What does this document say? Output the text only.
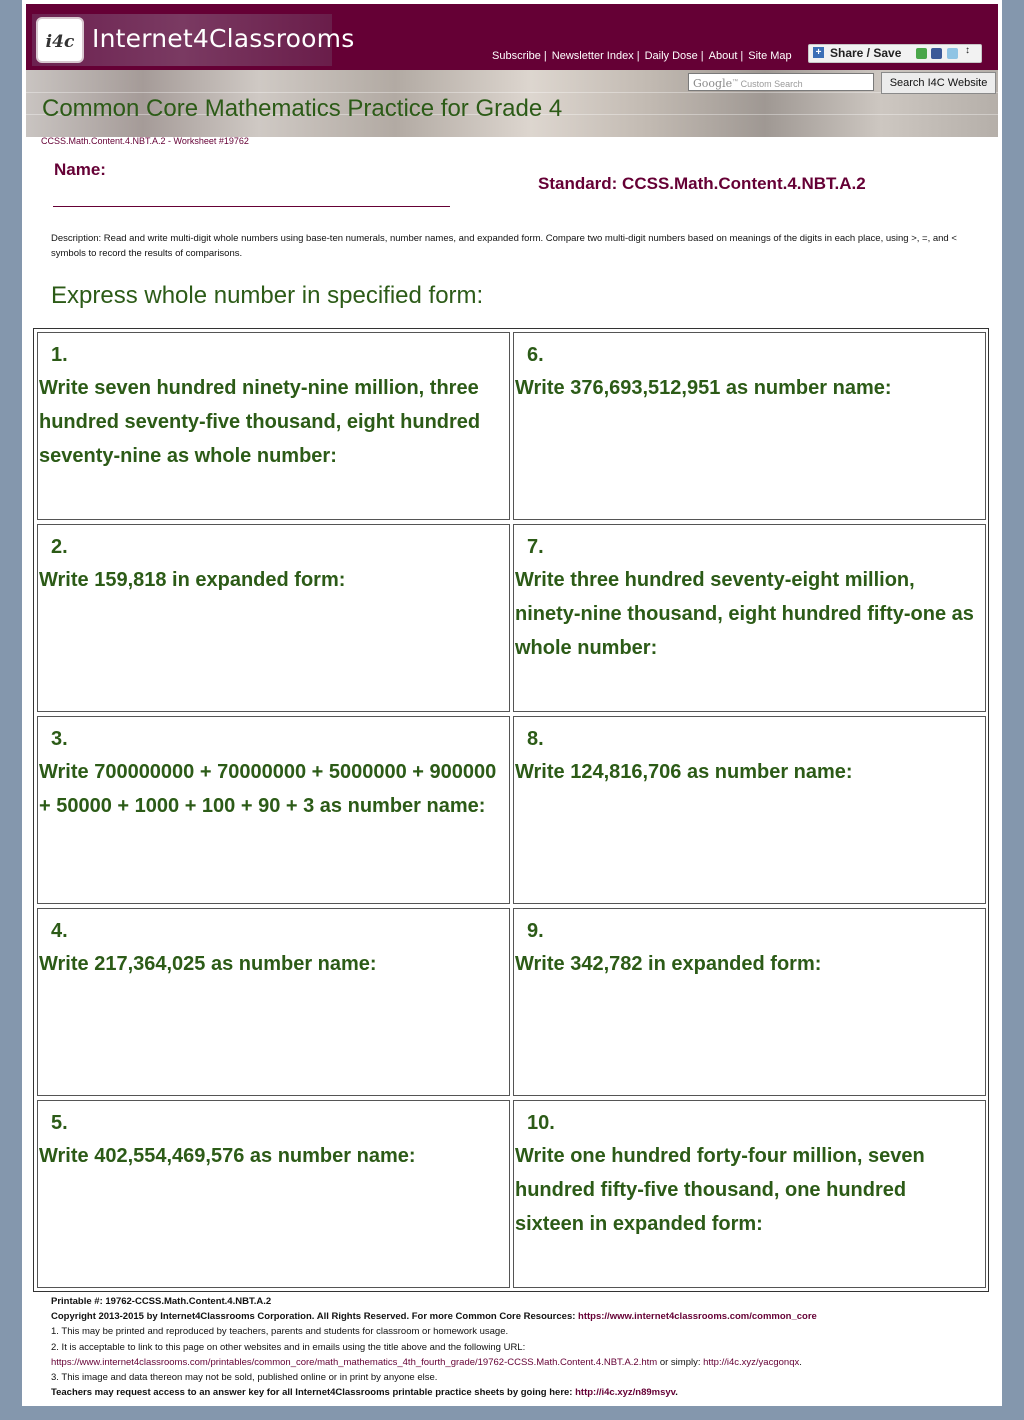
i4c Internet4Classrooms
Subscribe | Newsletter Index | Daily Dose | About | Site Map + Share / Save	↕
Google™ Custom Search	Search I4C Website
Common Core Mathematics Practice for Grade 4
CCSS.Math.Content.4.NBT.A.2 - Worksheet #19762
Name:
Standard: CCSS.Math.Content.4.NBT.A.2
Description: Read and write multi-digit whole numbers using base-ten numerals, number names, and expanded form. Compare two multi-digit numbers based on meanings of the digits in each place, using >, =, and < symbols to record the results of comparisons.
Express whole number in specified form:
1.
Write seven hundred ninety-nine million, three hundred seventy-five thousand, eight hundred seventy-nine as whole number:
6.
Write 376,693,512,951 as number name:
2.
Write 159,818 in expanded form:
7.
Write three hundred seventy-eight million, ninety-nine thousand, eight hundred fifty-one as whole number:
3.
Write 700000000 + 70000000 + 5000000 + 900000 + 50000 + 1000 + 100 + 90 + 3 as number name:
8.
Write 124,816,706 as number name:
4.
Write 217,364,025 as number name:
9.
Write 342,782 in expanded form:
5.
Write 402,554,469,576 as number name:
10.
Write one hundred forty-four million, seven hundred fifty-five thousand, one hundred sixteen in expanded form:
Printable #: 19762-CCSS.Math.Content.4.NBT.A.2
Copyright 2013-2015 by Internet4Classrooms Corporation. All Rights Reserved. For more Common Core Resources: https://www.internet4classrooms.com/common_core
1. This may be printed and reproduced by teachers, parents and students for classroom or homework usage.
2. It is acceptable to link to this page on other websites and in emails using the title above and the following URL:
https://www.internet4classrooms.com/printables/common_core/math_mathematics_4th_fourth_grade/19762-CCSS.Math.Content.4.NBT.A.2.htm or simply: http://i4c.xyz/yacgonqx.
3. This image and data thereon may not be sold, published online or in print by anyone else.
Teachers may request access to an answer key for all Internet4Classrooms printable practice sheets by going here: http://i4c.xyz/n89msyv.
